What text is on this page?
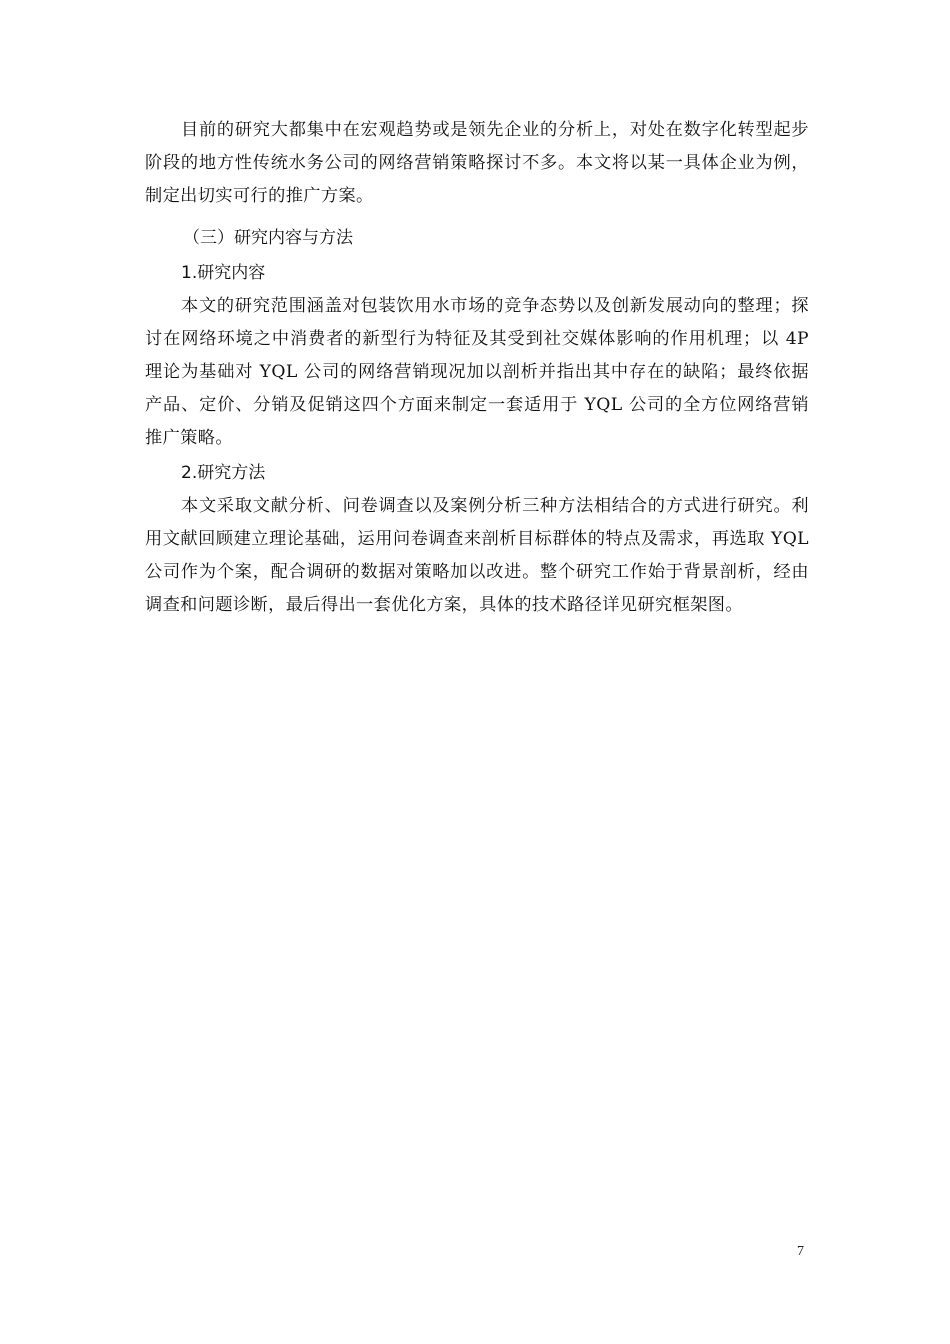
目前的研究大都集中在宏观趋势或是领先企业的分析上，对处在数字化转型起步阶段的地方性传统水务公司的网络营销策略探讨不多。本文将以某一具体企业为例，制定出切实可行的推广方案。

（三）研究内容与方法
1.研究内容

本文的研究范围涵盖对包装饮用水市场的竞争态势以及创新发展动向的整理；探讨在网络环境之中消费者的新型行为特征及其受到社交媒体影响的作用机理；以 4P 理论为基础对 YQL 公司的网络营销现况加以剖析并指出其中存在的缺陷；最终依据产品、定价、分销及促销这四个方面来制定一套适用于 YQL 公司的全方位网络营销推广策略。

2.研究方法

本文采取文献分析、问卷调查以及案例分析三种方法相结合的方式进行研究。利用文献回顾建立理论基础，运用问卷调查来剖析目标群体的特点及需求，再选取 YQL 公司作为个案，配合调研的数据对策略加以改进。整个研究工作始于背景剖析，经由调查和问题诊断，最后得出一套优化方案，具体的技术路径详见研究框架图。

7
